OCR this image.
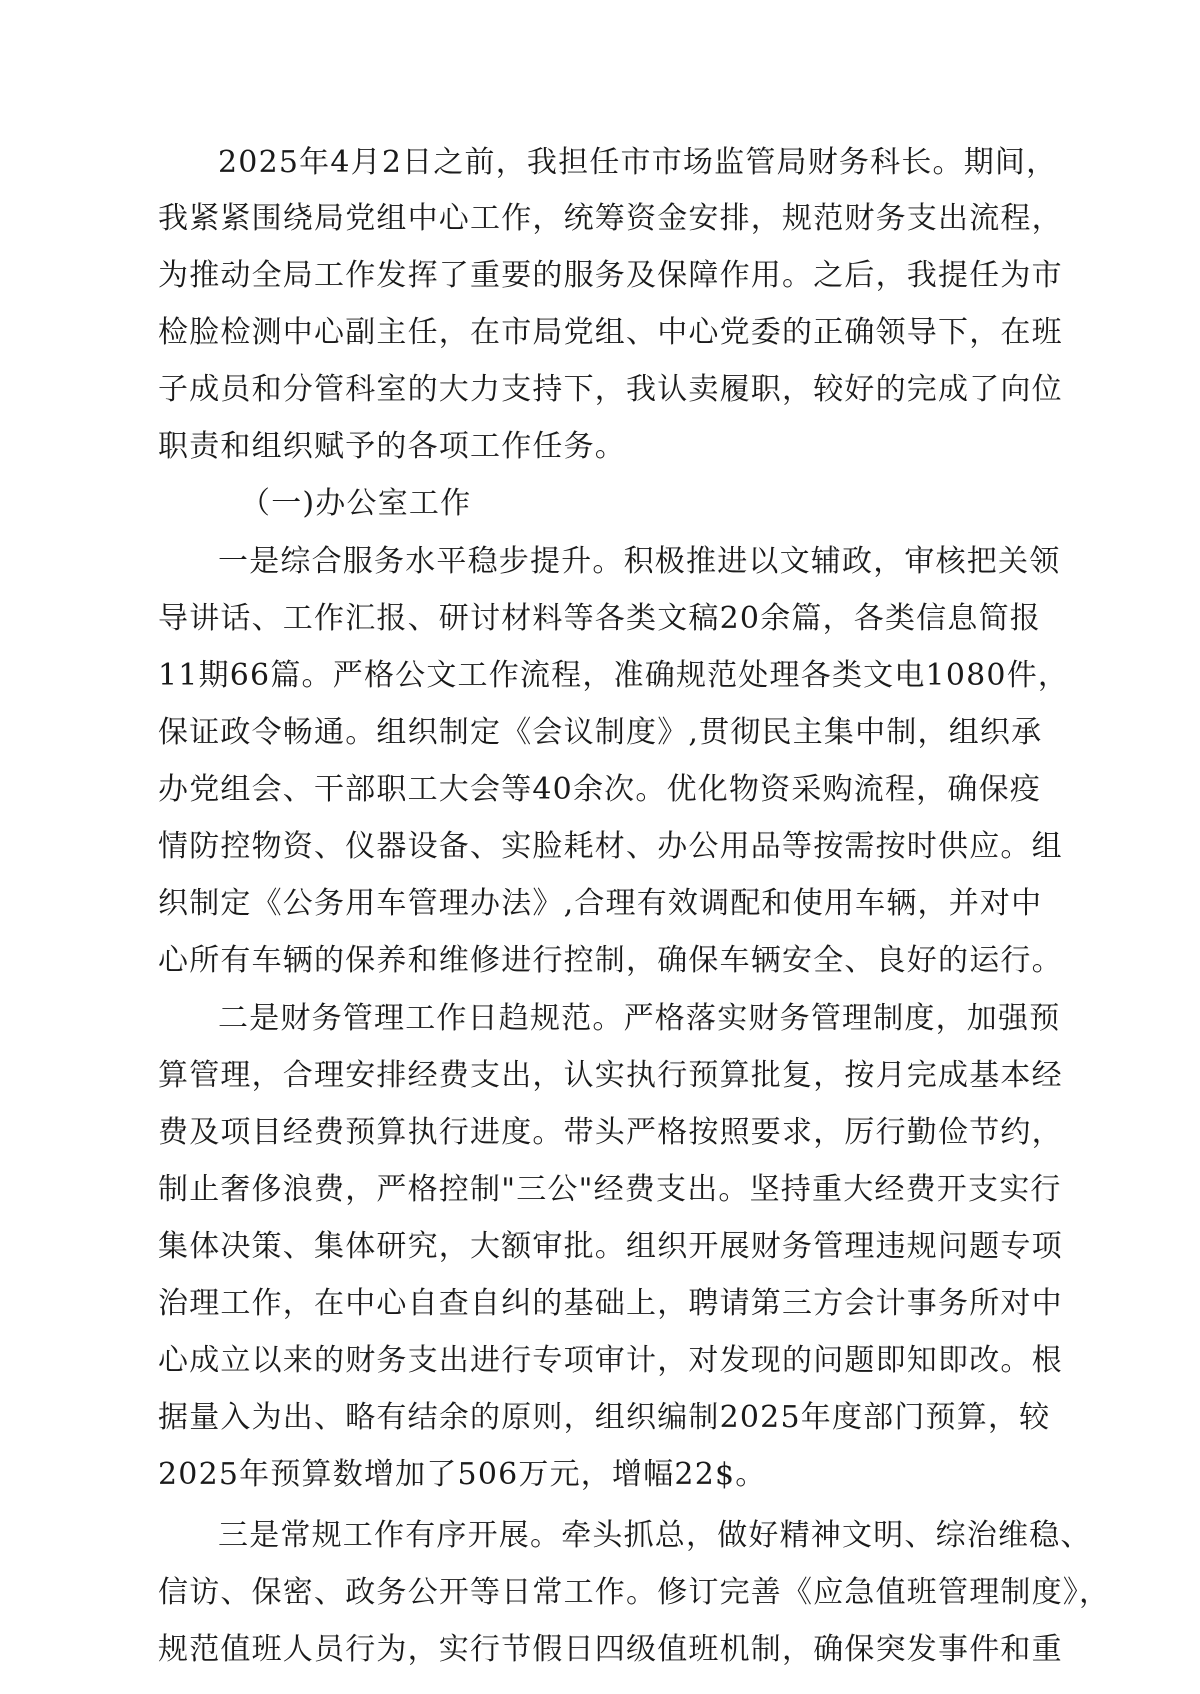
2025年4月2日之前，我担任市市场监管局财务科长。期间，
我紧紧围绕局党组中心工作，统筹资金安排，规范财务支出流程，
为推动全局工作发挥了重要的服务及保障作用。之后，我提任为市
检脸检测中心副主任，在市局党组、中心党委的正确领导下，在班
子成员和分管科室的大力支持下，我认卖履职，较好的完成了向位
职责和组织赋予的各项工作任务。
（一)办公室工作
一是综合服务水平稳步提升。积极推进以文辅政，审核把关领
导讲话、工作汇报、研讨材料等各类文稿20余篇，各类信息简报
11期66篇。严格公文工作流程，准确规范处理各类文电1080件，
保证政令畅通。组织制定《会议制度》,贯彻民主集中制，组织承
办党组会、干部职工大会等40余次。优化物资采购流程，确保疫
情防控物资、仪器设备、实脸耗材、办公用品等按需按时供应。组
织制定《公务用车管理办法》,合理有效调配和使用车辆，并对中
心所有车辆的保养和维修进行控制，确保车辆安全、良好的运行。
二是财务管理工作日趋规范。严格落实财务管理制度，加强预
算管理，合理安排经费支出，认实执行预算批复，按月完成基本经
费及项目经费预算执行进度。带头严格按照要求，厉行勤俭节约，
制止奢侈浪费，严格控制"三公"经费支出。坚持重大经费开支实行
集体决策、集体研究，大额审批。组织开展财务管理违规问题专项
治理工作，在中心自查自纠的基础上，聘请第三方会计事务所对中
心成立以来的财务支出进行专项审计，对发现的问题即知即改。根
据量入为出、略有结余的原则，组织编制2025年度部门预算，较
2025年预算数增加了506万元，增幅22$。
三是常规工作有序开展。牵头抓总，做好精神文明、综治维稳、
信访、保密、政务公开等日常工作。修订完善《应急值班管理制度》，
规范值班人员行为，实行节假日四级值班机制，确保突发事件和重
